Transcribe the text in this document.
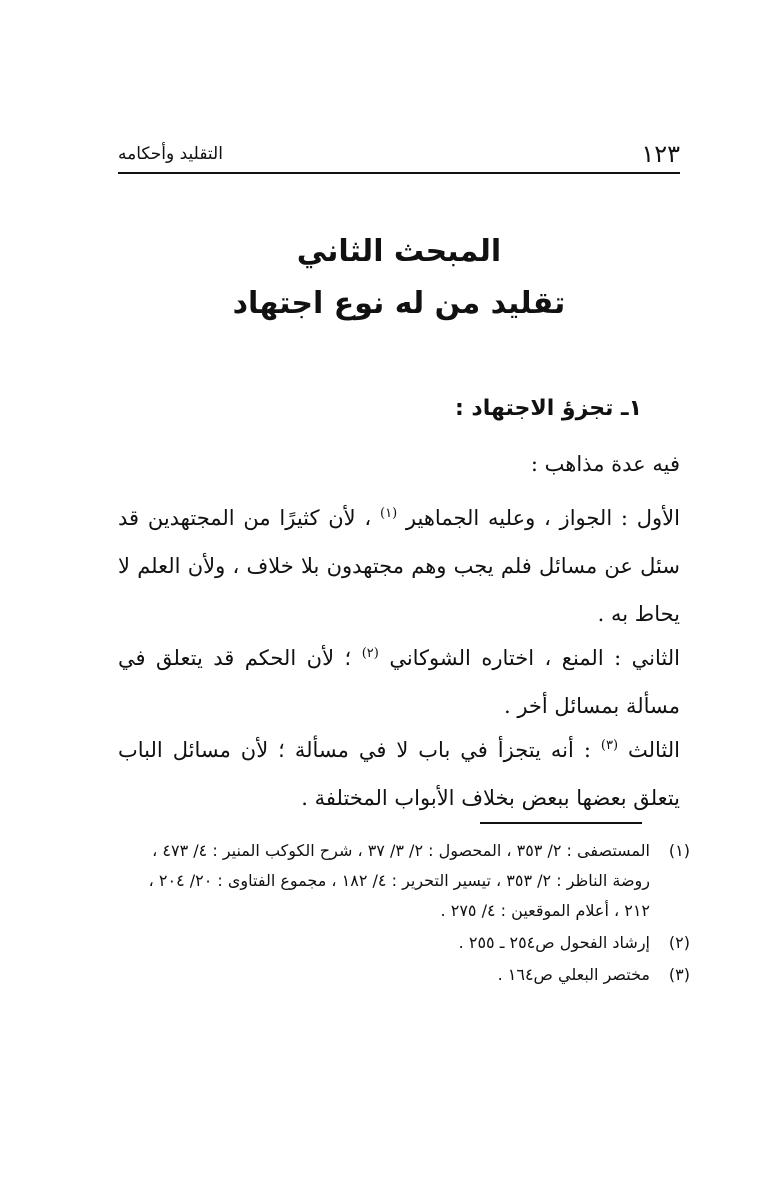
١٢٣
التقليد وأحكامه
المبحث الثاني
تقليد من له نوع اجتهاد
١ـ تجزؤ الاجتهاد :
فيه عدة مذاهب :
الأول : الجواز ، وعليه الجماهير $^{(١)}$ ، لأن كثيرًا من المجتهدين قد سئل عن مسائل فلم يجب وهم مجتهدون بلا خلاف ، ولأن العلم لا يحاط به .
الثاني : المنع ، اختاره الشوكاني $^{(٢)}$ ؛ لأن الحكم قد يتعلق في مسألة بمسائل أخر .
الثالث $^{(٣)}$ : أنه يتجزأ في باب لا في مسألة ؛ لأن مسائل الباب يتعلق بعضها ببعض بخلاف الأبواب المختلفة .
(١)
المستصفى : ٢/ ٣٥٣ ، المحصول : ٢/ ٣/ ٣٧ ، شرح الكوكب المنير : ٤/ ٤٧٣ ، روضة الناظر : ٢/ ٣٥٣ ، تيسير التحرير : ٤/ ١٨٢ ، مجموع الفتاوى : ٢٠/ ٢٠٤ ، ٢١٢ ، أعلام الموقعين : ٤/ ٢٧٥ .
(٢)
إرشاد الفحول ص٢٥٤ ـ ٢٥٥ .
(٣)
مختصر البعلي ص١٦٤ .
